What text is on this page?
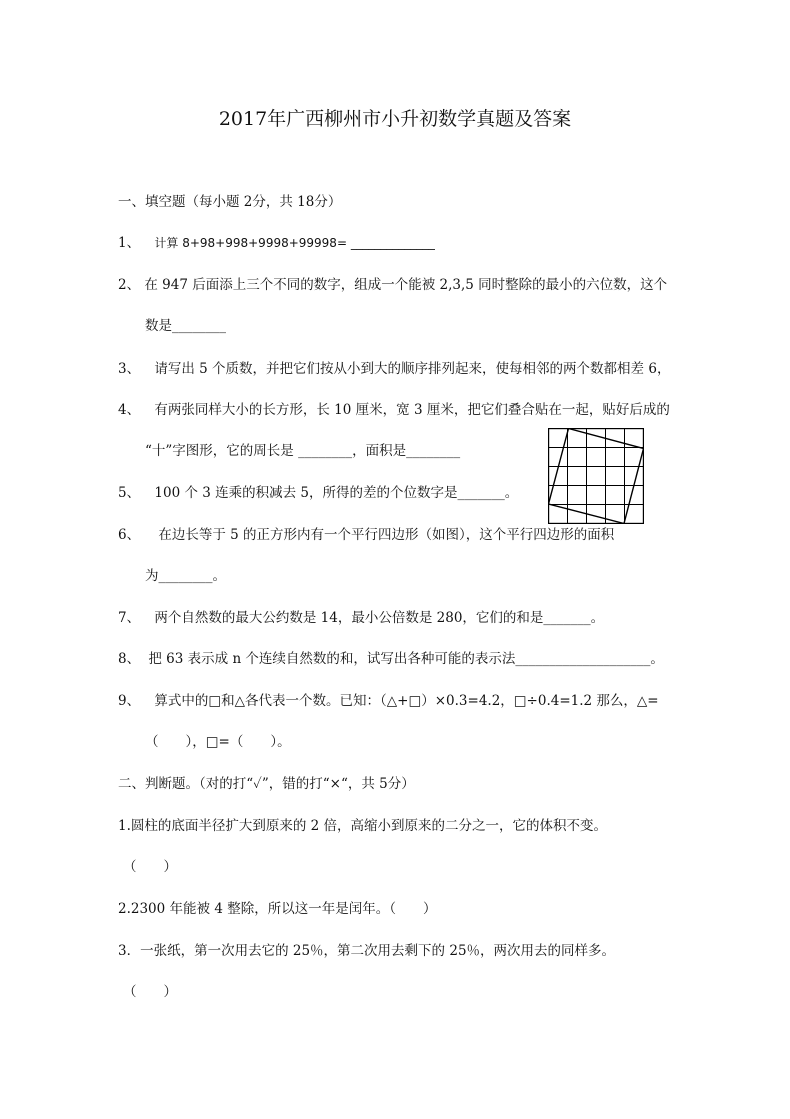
2017年广西柳州市小升初数学真题及答案
一、填空题（每小题 2分，共 18分）
1、 计算 8+98+998+9998+99998= ______________
2、 在 947 后面添上三个不同的数字，组成一个能被 2,3,5 同时整除的最小的六位数，这个
数是________
3、 请写出 5 个质数，并把它们按从小到大的顺序排列起来，使每相邻的两个数都相差 6，
4、 有两张同样大小的长方形，长 10 厘米，宽 3 厘米，把它们叠合贴在一起，贴好后成的
“十”字图形，它的周长是 ________，面积是________
5、 100 个 3 连乘的积减去 5，所得的差的个位数字是_______。
6、 在边长等于 5 的正方形内有一个平行四边形（如图），这个平行四边形的面积
为________。
7、 两个自然数的最大公约数是 14，最小公倍数是 280，它们的和是_______。
8、 把 63 表示成 n 个连续自然数的和，试写出各种可能的表示法____________________。
9、 算式中的□和△各代表一个数。已知：（△+□）×0.3=4.2，□÷0.4=1.2 那么，△=
（　　），□=（　　）。
二、判断题。（对的打“✓”，错的打“×“，共 5分）
1.圆柱的底面半径扩大到原来的 2 倍，高缩小到原来的二分之一，它的体积不变。
（　　）
2.2300 年能被 4 整除，所以这一年是闰年。（　　）
3．一张纸，第一次用去它的 25％，第二次用去剩下的 25％，两次用去的同样多。
（　　）
